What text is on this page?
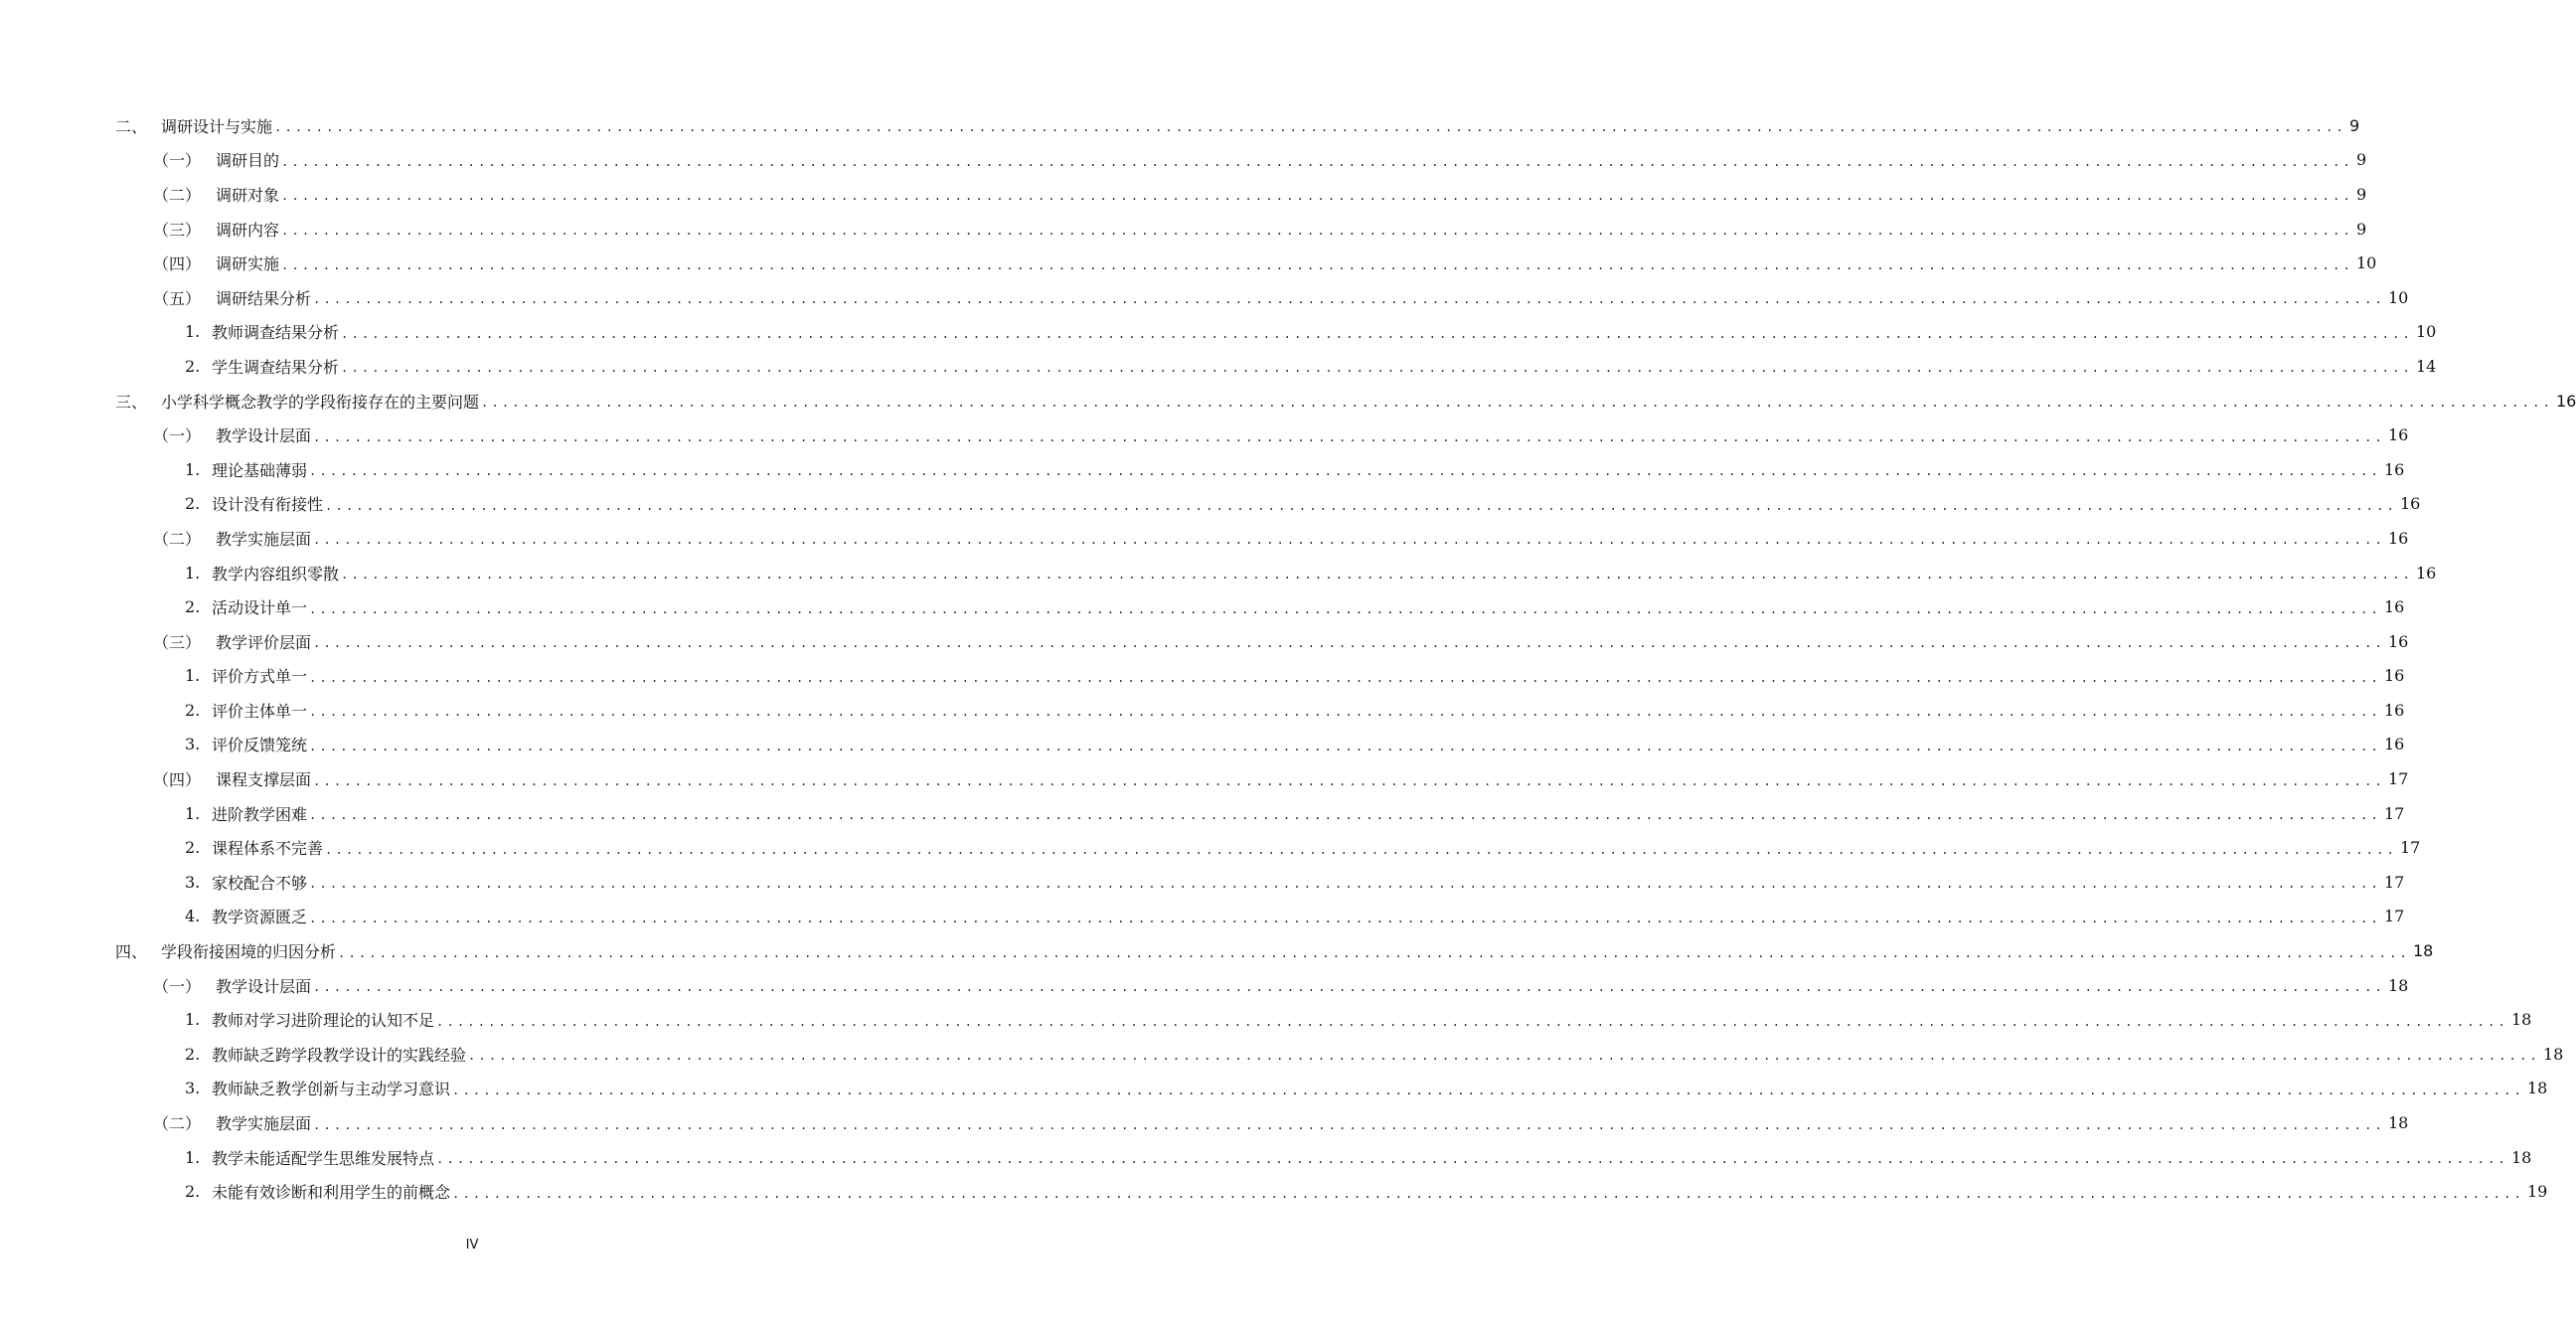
二、 调研设计与实施 ........................................................................................................................................................................................................ 9
（一） 调研目的 ........................................................................................................................................................................................................ 9
（二） 调研对象 ........................................................................................................................................................................................................ 9
（三） 调研内容 ........................................................................................................................................................................................................ 9
（四） 调研实施 ........................................................................................................................................................................................................ 10
（五） 调研结果分析 ........................................................................................................................................................................................................ 10
1. 教师调查结果分析 ........................................................................................................................................................................................................ 10
2. 学生调查结果分析 ........................................................................................................................................................................................................ 14
三、 小学科学概念教学的学段衔接存在的主要问题 ........................................................................................................................................................................................................ 16
（一） 教学设计层面 ........................................................................................................................................................................................................ 16
1. 理论基础薄弱 ........................................................................................................................................................................................................ 16
2. 设计没有衔接性 ........................................................................................................................................................................................................ 16
（二） 教学实施层面 ........................................................................................................................................................................................................ 16
1. 教学内容组织零散 ........................................................................................................................................................................................................ 16
2. 活动设计单一 ........................................................................................................................................................................................................ 16
（三） 教学评价层面 ........................................................................................................................................................................................................ 16
1. 评价方式单一 ........................................................................................................................................................................................................ 16
2. 评价主体单一 ........................................................................................................................................................................................................ 16
3. 评价反馈笼统 ........................................................................................................................................................................................................ 16
（四） 课程支撑层面 ........................................................................................................................................................................................................ 17
1. 进阶教学困难 ........................................................................................................................................................................................................ 17
2. 课程体系不完善 ........................................................................................................................................................................................................ 17
3. 家校配合不够 ........................................................................................................................................................................................................ 17
4. 教学资源匮乏 ........................................................................................................................................................................................................ 17
四、 学段衔接困境的归因分析 ........................................................................................................................................................................................................ 18
（一） 教学设计层面 ........................................................................................................................................................................................................ 18
1. 教师对学习进阶理论的认知不足 ........................................................................................................................................................................................................ 18
2. 教师缺乏跨学段教学设计的实践经验 ........................................................................................................................................................................................................ 18
3. 教师缺乏教学创新与主动学习意识 ........................................................................................................................................................................................................ 18
（二） 教学实施层面 ........................................................................................................................................................................................................ 18
1. 教学未能适配学生思维发展特点 ........................................................................................................................................................................................................ 18
2. 未能有效诊断和利用学生的前概念 ........................................................................................................................................................................................................ 19
IV
